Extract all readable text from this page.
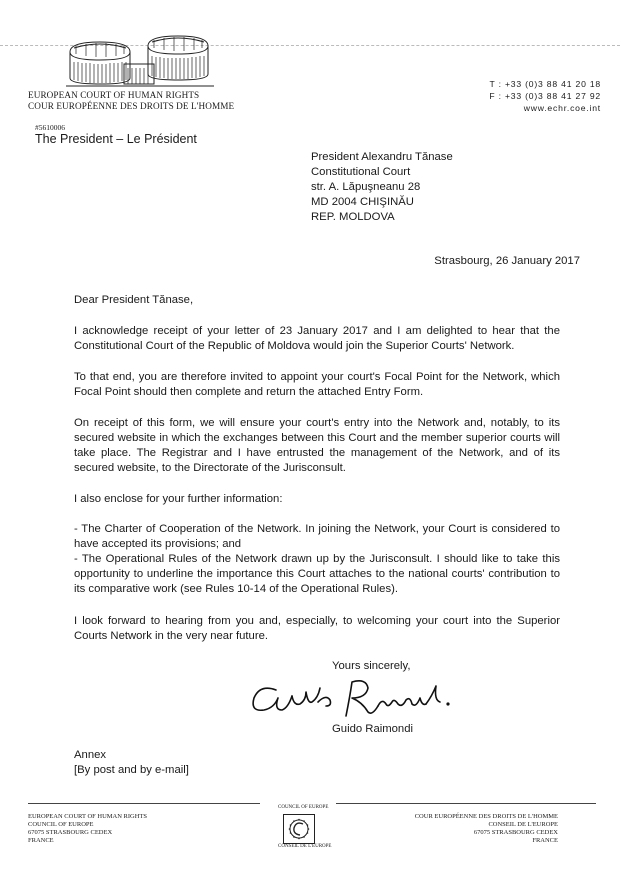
EUROPEAN COURT OF HUMAN RIGHTS
COUR EUROPÉENNE DES DROITS DE L'HOMME
T : +33 (0)3 88 41 20 18
F : +33 (0)3 88 41 27 92
www.echr.coe.int
#5610006
The President – Le Président
President Alexandru Tănase
Constitutional Court
str. A. Lăpuşneanu 28
MD 2004 CHIŞINĂU
REP. MOLDOVA
Strasbourg, 26 January 2017
Dear President Tănase,

I acknowledge receipt of your letter of 23 January 2017 and I am delighted to hear that the Constitutional Court of the Republic of Moldova would join the Superior Courts' Network.

To that end, you are therefore invited to appoint your court's Focal Point for the Network, which Focal Point should then complete and return the attached Entry Form.

On receipt of this form, we will ensure your court's entry into the Network and, notably, to its secured website in which the exchanges between this Court and the member superior courts will take place. The Registrar and I have entrusted the management of the Network, and of its secured website, to the Directorate of the Jurisconsult.

I also enclose for your further information:

- The Charter of Cooperation of the Network. In joining the Network, your Court is considered to have accepted its provisions; and

- The Operational Rules of the Network drawn up by the Jurisconsult. I should like to take this opportunity to underline the importance this Court attaches to the national courts' contribution to its comparative work (see Rules 10-14 of the Operational Rules).

I look forward to hearing from you and, especially, to welcoming your court into the Superior Courts Network in the very near future.

Yours sincerely,
Guido Raimondi
Annex
[By post and by e-mail]
EUROPEAN COURT OF HUMAN RIGHTS
COUNCIL OF EUROPE
67075 STRASBOURG CEDEX
FRANCE
COUNCIL OF EUROPE
CONSEIL DE L'EUROPE
COUR EUROPÉENNE DES DROITS DE L'HOMME
CONSEIL DE L'EUROPE
67075 STRASBOURG CEDEX
FRANCE
